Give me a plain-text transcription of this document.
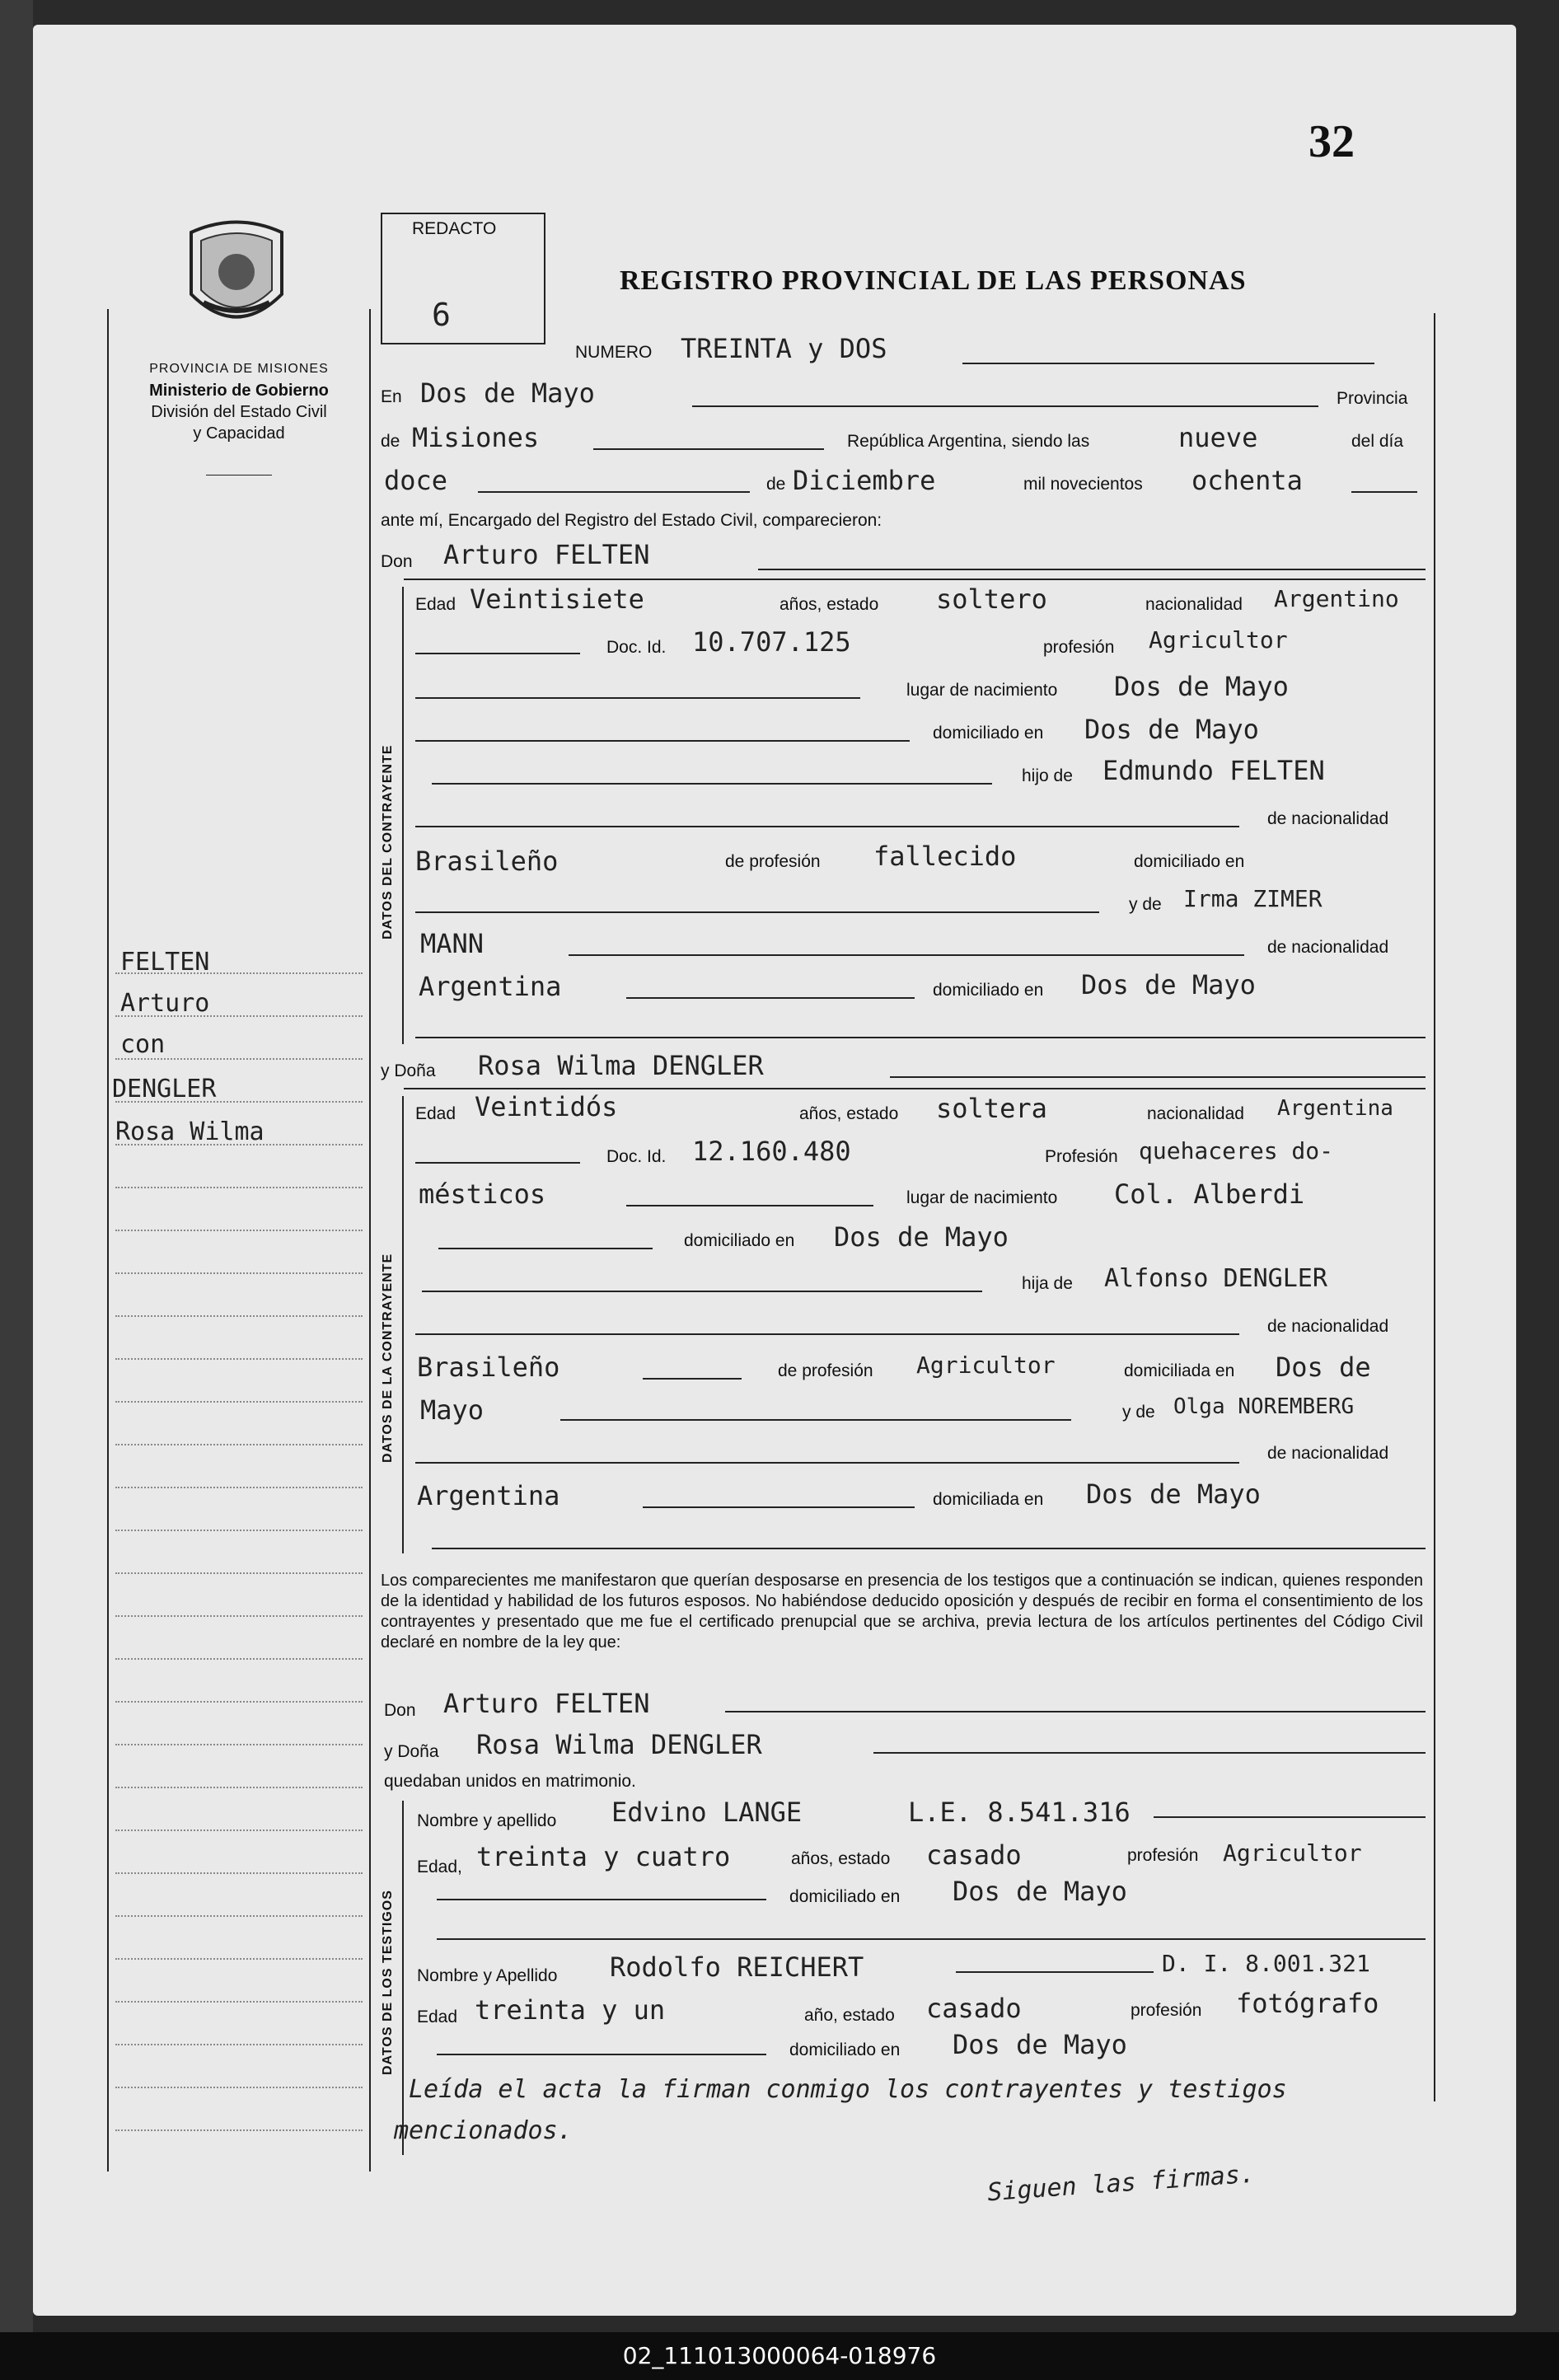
32
PROVINCIA DE MISIONES
Ministerio de Gobierno
División del Estado Civil
y Capacidad
REDACTO
6
REGISTRO PROVINCIAL DE LAS PERSONAS
NUMERO TREINTA y DOS
En Dos de Mayo	Provincia
de Misiones	República Argentina, siendo las	nueve	del día
doce	de Diciembre	mil novecientos ochenta
ante mí, Encargado del Registro del Estado Civil, comparecieron:
Don Arturo FELTEN
DATOS DEL CONTRAYENTE
Edad Veintisiete	años, estado soltero	nacionalidad Argentino
Doc. Id. 10.707.125	profesión Agricultor
lugar de nacimiento Dos de Mayo
domiciliado en Dos de Mayo
hijo de Edmundo FELTEN
de nacionalidad
Brasileño	de profesión fallecido	domiciliado en
y de Irma ZIMER
MANN	de nacionalidad
Argentina	domiciliado en Dos de Mayo
y Doña Rosa Wilma DENGLER
DATOS DE LA CONTRAYENTE
Edad Veintidós	años, estado soltera	nacionalidad Argentina
Doc. Id. 12.160.480	Profesión quehaceres do-
mésticos	lugar de nacimiento Col. Alberdi
domiciliado en Dos de Mayo
hija de Alfonso DENGLER
de nacionalidad
Brasileño	de profesión Agricultor	domiciliada en Dos de
Mayo	y de Olga NOREMBERG
de nacionalidad
Argentina	domiciliada en Dos de Mayo
Los comparecientes me manifestaron que querían desposarse en presencia de los testigos que a continuación se indican, quienes responden de la identidad y habilidad de los futuros esposos. No habiéndose deducido oposición y después de recibir en forma el consentimiento de los contrayentes y presentado que me fue el certificado prenupcial que se archiva, previa lectura de los artículos pertinentes del Código Civil declaré en nombre de la ley que:
Don Arturo FELTEN
y Doña Rosa Wilma DENGLER
quedaban unidos en matrimonio.
DATOS DE LOS TESTIGOS
Nombre y apellido Edvino LANGE	L.E. 8.541.316
Edad, treinta y cuatro	años, estado casado	profesión Agricultor
domiciliado en Dos de Mayo
Nombre y Apellido Rodolfo REICHERT	D. I. 8.001.321
Edad treinta y un	año, estado casado	profesión fotógrafo
domiciliado en Dos de Mayo
Leída el acta la firman conmigo los contrayentes y testigos
mencionados.
Siguen las firmas.
FELTEN
Arturo
con
DENGLER
Rosa Wilma
02_111013000064-018976
